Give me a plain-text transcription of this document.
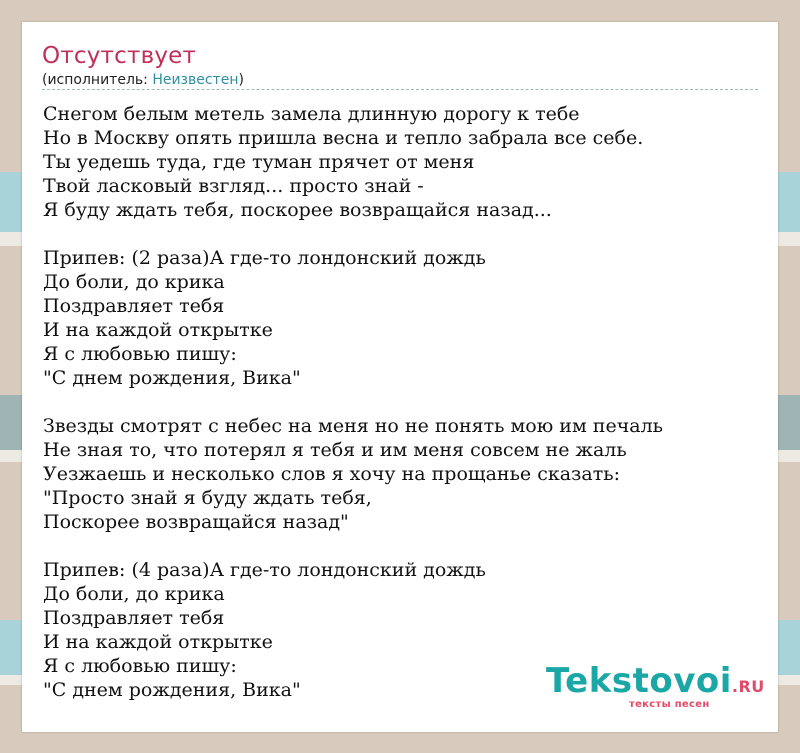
Отсутствует
(исполнитель: Неизвестен)
Снегом белым метель замела длинную дорогу к тебе
Но в Москву опять пришла весна и тепло забрала все себе.
Ты уедешь туда, где туман прячет от меня
Твой ласковый взгляд... просто знай -
Я буду ждать тебя, поскорее возвращайся назад...
Припев: (2 раза)А где-то лондонский дождь
До боли, до крика
Поздравляет тебя
И на каждой открытке
Я с любовью пишу:
"С днем рождения, Вика"
Звезды смотрят с небес на меня но не понять мою им печаль
Не зная то, что потерял я тебя и им меня совсем не жаль
Уезжаешь и несколько слов я хочу на прощанье сказать:
"Просто знай я буду ждать тебя,
Поскорее возвращайся назад"
Припев: (4 раза)А где-то лондонский дождь
До боли, до крика
Поздравляет тебя
И на каждой открытке
Я с любовью пишу:
"С днем рождения, Вика"	Tekstovoi.RU
тексты песен
